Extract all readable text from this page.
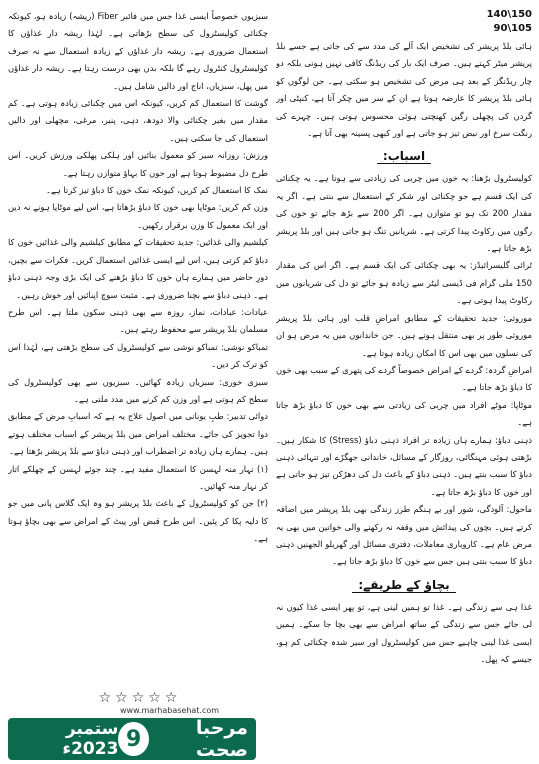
140\150
90\105

ہائی بلڈ پریشر کی تشخیص ایک آلے کی مدد سے کی جاتی ہے جسے بلڈ پریشر میٹر کہتے ہیں۔ صرف ایک بار کی ریڈنگ کافی نہیں ہوتی بلکہ دو چار ریڈنگز کے بعد ہی مرض کی تشخیص ہو سکتی ہے۔ جن لوگوں کو ہائی بلڈ پریشر کا عارضہ ہوتا ہے ان کے سر میں چکر آتا ہے، کنپٹی اور گردن کی پچھلی رگیں کھنچتی ہوئی محسوس ہوتی ہیں۔ چہرے کی رنگت سرخ اور نبض تیز ہو جاتی ہے اور کبھی پسینہ بھی آتا ہے۔

اسباب:

کولیسٹرول بڑھنا: یہ خون میں چربی کی زیادتی سے ہوتا ہے۔ یہ چکنائی کی ایک قسم ہے جو چکنائی اور شکر کے استعمال سے بنتی ہے۔ اگر یہ مقدار 200 تک ہو تو متوازن ہے۔ اگر 200 سے بڑھ جائے تو خون کی رگوں میں رکاوٹ پیدا کرتی ہے۔ شریانیں تنگ ہو جاتی ہیں اور بلڈ پریشر بڑھ جاتا ہے۔

ٹرائی گلیسرائیڈز: یہ بھی چکنائی کی ایک قسم ہے۔ اگر اس کی مقدار 150 ملی گرام فی ڈیسی لیٹر سے زیادہ ہو جائے تو دل کی شریانوں میں رکاوٹ پیدا ہوتی ہے۔

موروثی: جدید تحقیقات کے مطابق امراضِ قلب اور ہائی بلڈ پریشر موروثی طور پر بھی منتقل ہوتے ہیں۔ جن خاندانوں میں یہ مرض ہو ان کی نسلوں میں بھی اس کا امکان زیادہ ہوتا ہے۔

امراضِ گردہ: گردے کے امراض خصوصاً گردے کی پتھری کے سبب بھی خون کا دباؤ بڑھ جاتا ہے۔

موٹاپا: موٹے افراد میں چربی کی زیادتی سے بھی خون کا دباؤ بڑھ جاتا ہے۔

ذہنی دباؤ: ہمارے ہاں زیادہ تر افراد ذہنی دباؤ (Stress) کا شکار ہیں۔ بڑھتی ہوئی مہنگائی، روزگار کے مسائل، خاندانی جھگڑے اور تنہائی ذہنی دباؤ کا سبب بنتے ہیں۔ ذہنی دباؤ کے باعث دل کی دھڑکن تیز ہو جاتی ہے اور خون کا دباؤ بڑھ جاتا ہے۔

ماحول: آلودگی، شور اور بے ہنگم طرز زندگی بھی بلڈ پریشر میں اضافہ کرتے ہیں۔ بچوں کی پیدائش میں وقفہ نہ رکھنے والی خواتین میں بھی یہ مرض عام ہے۔ کاروباری معاملات، دفتری مسائل اور گھریلو الجھنیں ذہنی دباؤ کا سبب بنتی ہیں جس سے خون کا دباؤ بڑھ جاتا ہے۔

بچاؤ کے طریقے:

غذا ہی سے زندگی ہے۔ غذا تو ہمیں لینی ہے، تو پھر ایسی غذا کیوں نہ لی جائے جس سے زندگی کے ساتھ امراض سے بھی بچا جا سکے۔ ہمیں ایسی غذا لینی چاہیے جس میں کولیسٹرول اور سیر شدہ چکنائی کم ہو، جیسے کہ پھل۔

سبزیوں خصوصاً ایسی غذا جس میں فائبر Fiber (ریشہ) زیادہ ہو، کیونکہ چکنائی کولیسٹرول کی سطح بڑھاتی ہے۔ لہٰذا ریشہ دار غذاؤں کا استعمال ضروری ہے۔ ریشہ دار غذاؤں کے زیادہ استعمال سے نہ صرف کولیسٹرول کنٹرول رہے گا بلکہ بدن بھی درست رہتا ہے۔ ریشہ دار غذاؤں میں پھل، سبزیاں، اناج اور دالیں شامل ہیں۔

گوشت کا استعمال کم کریں، کیونکہ اس میں چکنائی زیادہ ہوتی ہے۔ کم مقدار میں بغیر چکنائی والا دودھ، دہی، پنیر، مرغی، مچھلی اور دالیں استعمال کی جا سکتی ہیں۔

ورزش: روزانہ سیر کو معمول بنائیں اور ہلکی پھلکی ورزش کریں۔ اس طرح دل مضبوط ہوتا ہے اور خون کا بہاؤ متوازن رہتا ہے۔

نمک کا استعمال کم کریں، کیونکہ نمک خون کا دباؤ تیز کرتا ہے۔

وزن کم کریں: موٹاپا بھی خون کا دباؤ بڑھاتا ہے، اس لیے موٹاپا ہونے نہ دیں اور ایک معمول کا وزن برقرار رکھیں۔

کیلشیم والی غذائیں: جدید تحقیقات کے مطابق کیلشیم والی غذائیں خون کا دباؤ کم کرتی ہیں، اس لیے ایسی غذائیں استعمال کریں۔ فکرات سے بچیں، دورِ حاضر میں ہمارے ہاں خون کا دباؤ بڑھنے کی ایک بڑی وجہ ذہنی دباؤ ہے۔ ذہنی دباؤ سے بچنا ضروری ہے۔ مثبت سوچ اپنائیں اور خوش رہیں۔

عبادات: عبادات، نماز، روزہ سے بھی ذہنی سکون ملتا ہے۔ اس طرح مسلمان بلڈ پریشر سے محفوظ رہتے ہیں۔

تمباکو نوشی: تمباکو نوشی سے کولیسٹرول کی سطح بڑھتی ہے، لہٰذا اس کو ترک کر دیں۔

سبزی خوری: سبزیاں زیادہ کھائیں۔ سبزیوں سے بھی کولیسٹرول کی سطح کم ہوتی ہے اور وزن کم کرنے میں مدد ملتی ہے۔

دوائی تدبیر: طبِ یونانی میں اصول علاج یہ ہے کہ اسبابِ مرض کے مطابق دوا تجویز کی جائے۔ مختلف امراض میں بلڈ پریشر کے اسباب مختلف ہوتے ہیں۔ ہمارے ہاں زیادہ تر اضطراب اور ذہنی دباؤ سے بلڈ پریشر بڑھتا ہے۔

(۱) نہار منہ لہسن کا استعمال مفید ہے۔ چند جوئے لہسن کے چھلکے اتار کر نہار منہ کھائیں۔

(۲) جن کو کولیسٹرول کے باعث بلڈ پریشر ہو وہ ایک گلاس پانی میں جو کا دلیہ پکا کر پئیں۔ اس طرح قبض اور پیٹ کے امراض سے بھی بچاؤ ہوتا ہے۔

☆☆☆☆☆
www.marhabasehat.com
ستمبر 2023ء 9	مرحبا صحت
